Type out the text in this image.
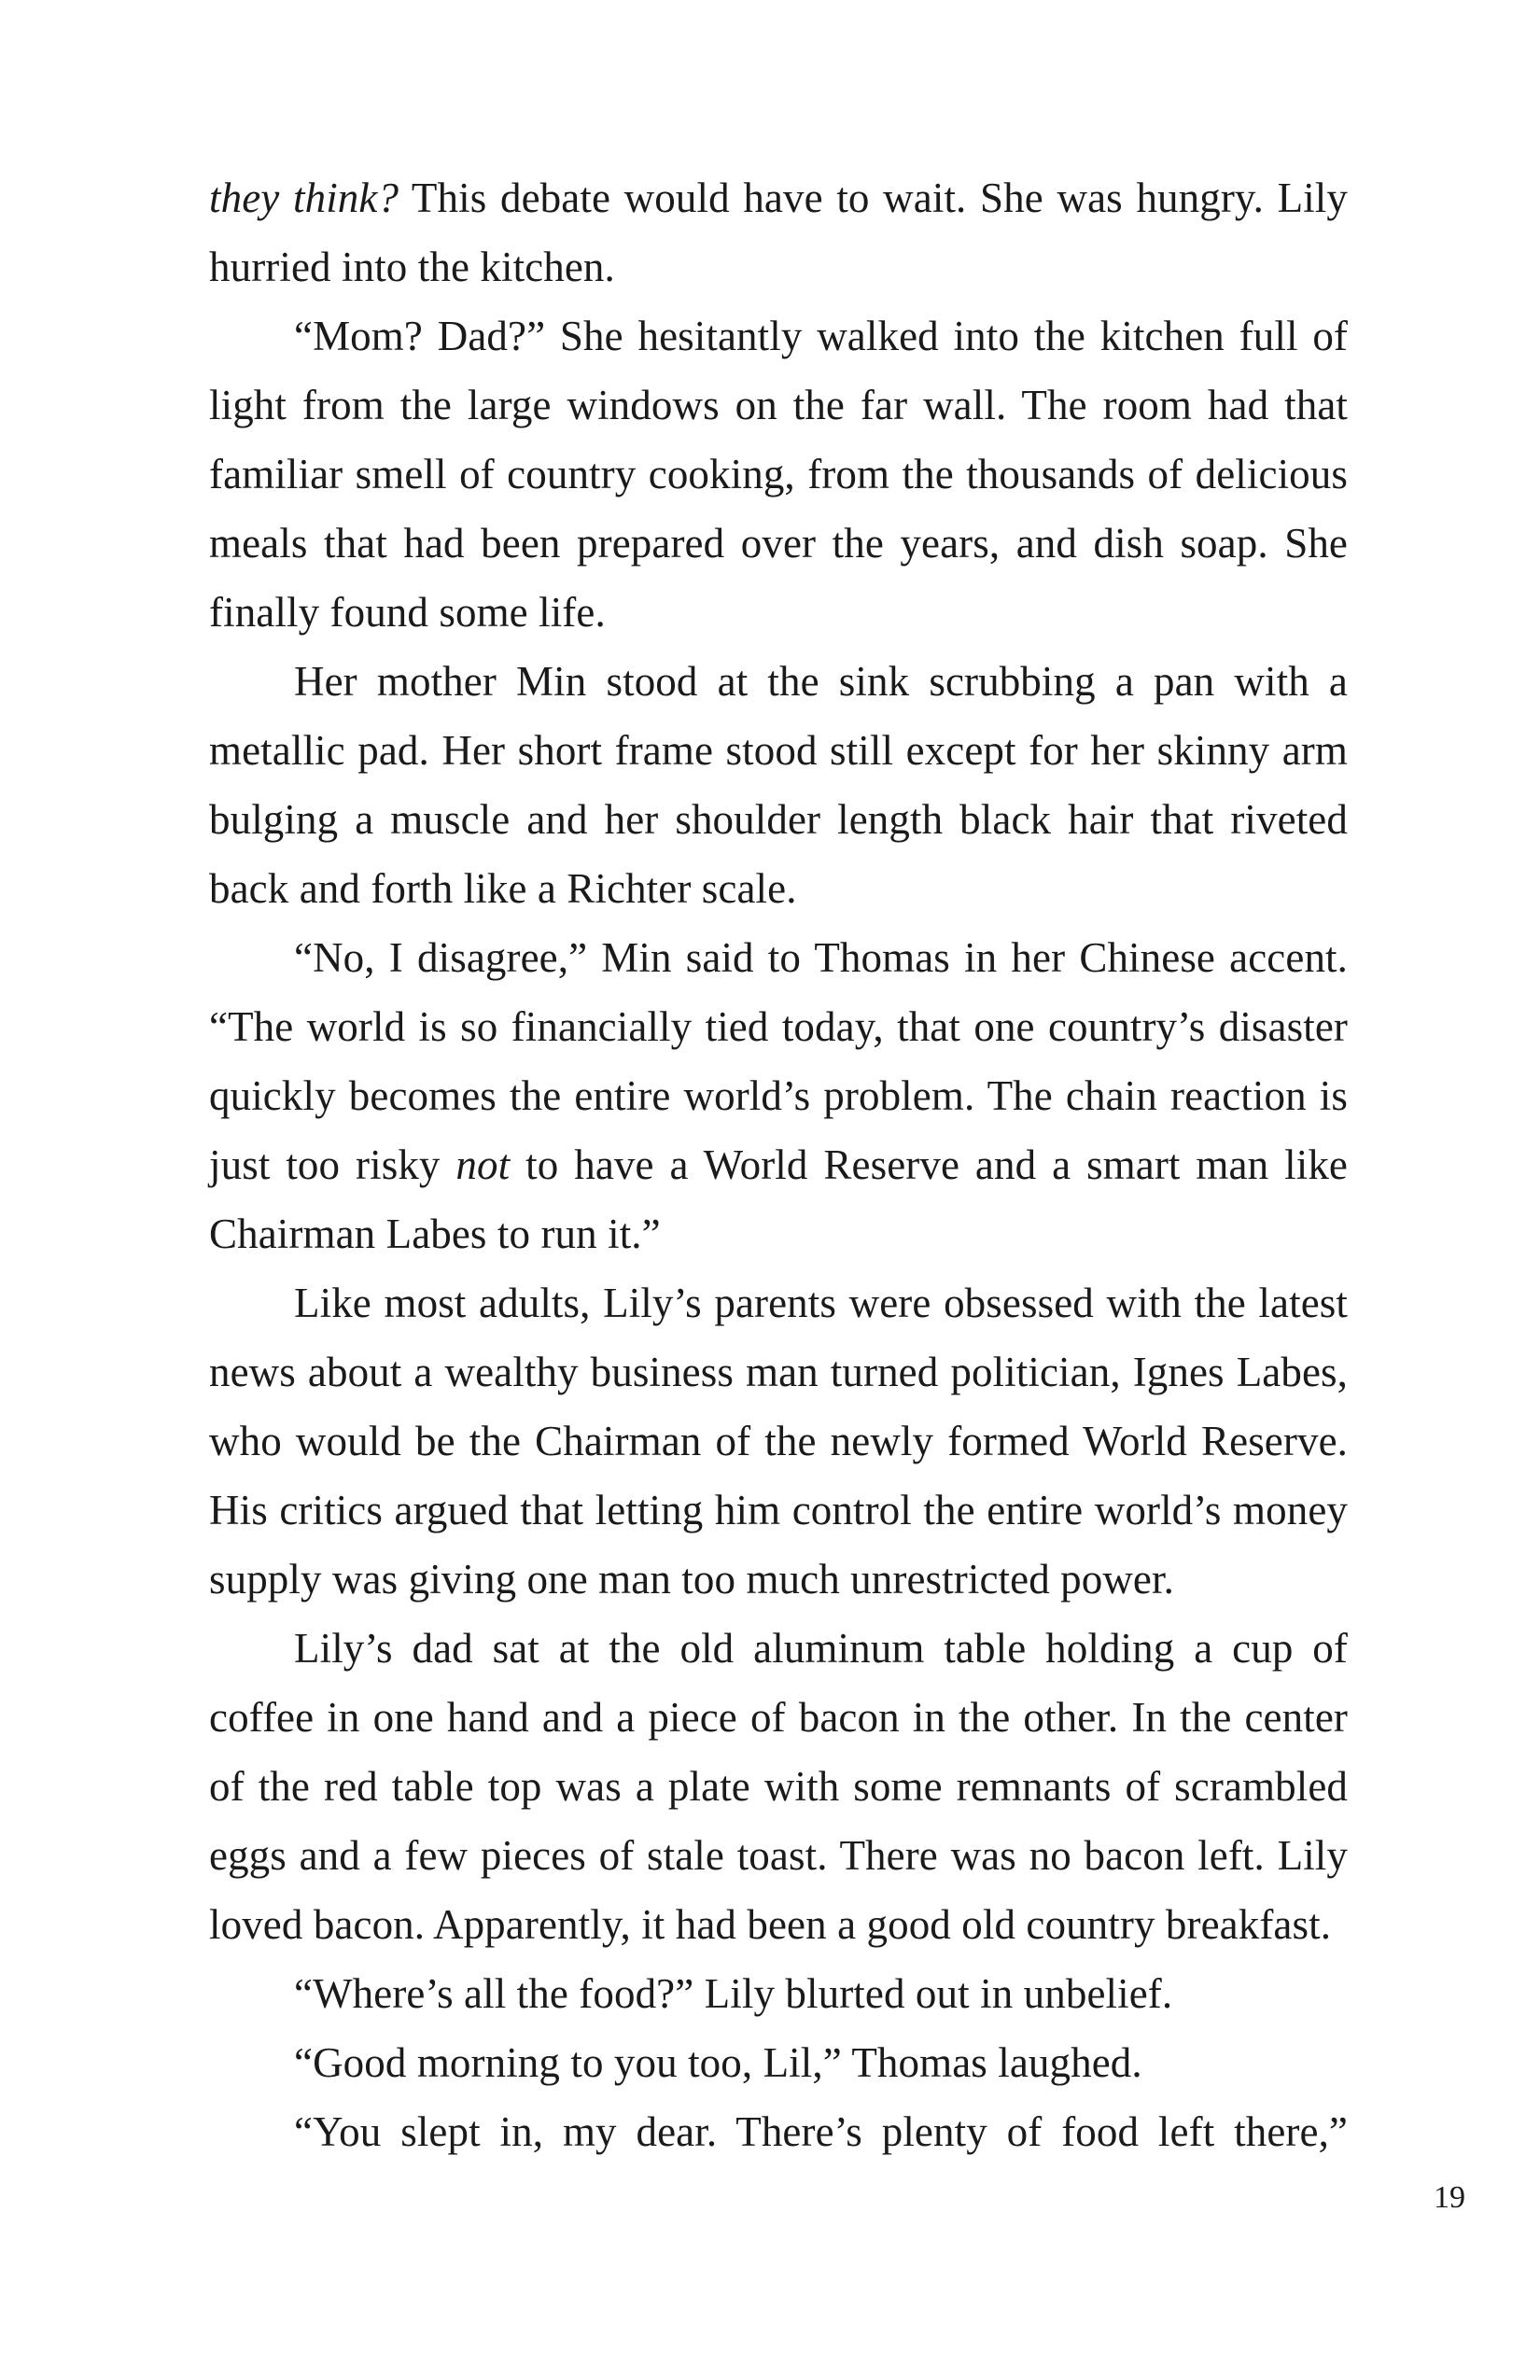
they think? This debate would have to wait. She was hungry. Lily hurried into the kitchen.

“Mom? Dad?” She hesitantly walked into the kitchen full of light from the large windows on the far wall. The room had that familiar smell of country cooking, from the thousands of delicious meals that had been prepared over the years, and dish soap. She finally found some life.

Her mother Min stood at the sink scrubbing a pan with a metallic pad. Her short frame stood still except for her skinny arm bulging a muscle and her shoulder length black hair that riveted back and forth like a Richter scale.

“No, I disagree,” Min said to Thomas in her Chinese accent. “The world is so financially tied today, that one country’s disaster quickly becomes the entire world’s problem. The chain reaction is just too risky not to have a World Reserve and a smart man like Chairman Labes to run it.”

Like most adults, Lily’s parents were obsessed with the latest news about a wealthy business man turned politician, Ignes Labes, who would be the Chairman of the newly formed World Reserve. His critics argued that letting him control the entire world’s money supply was giving one man too much unrestricted power.

Lily’s dad sat at the old aluminum table holding a cup of coffee in one hand and a piece of bacon in the other. In the center of the red table top was a plate with some remnants of scrambled eggs and a few pieces of stale toast. There was no bacon left. Lily loved bacon. Apparently, it had been a good old country breakfast.

“Where’s all the food?” Lily blurted out in unbelief.

“Good morning to you too, Lil,” Thomas laughed.

“You slept in, my dear. There’s plenty of food left there,”

19
